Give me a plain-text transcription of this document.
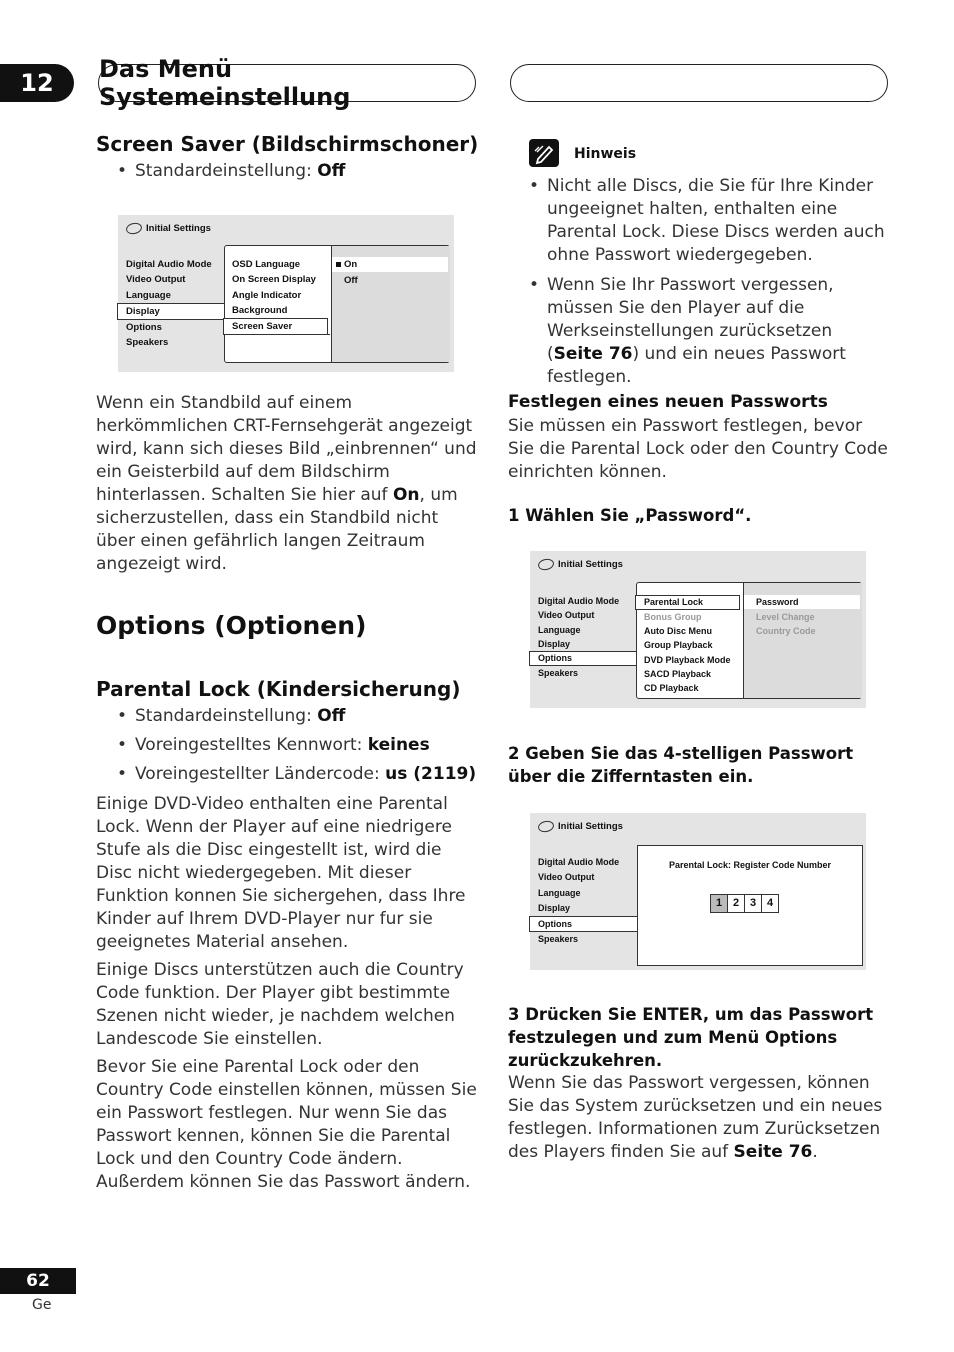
12	Das Menü Systemeinstellung
Screen Saver (Bildschirmschoner)
• Standardeinstellung: Off
Initial Settings
Digital Audio Mode
Video Output
Language
Display
Options
Speakers
OSD Language
On Screen Display
Angle Indicator
Background
Screen Saver
On
Off

Wenn ein Standbild auf einem herkömmlichen CRT-Fernsehgerät angezeigt wird, kann sich dieses Bild „einbrennen“ und ein Geisterbild auf dem Bildschirm hinterlassen. Schalten Sie hier auf On, um sicherzustellen, dass ein Standbild nicht über einen gefährlich langen Zeitraum angezeigt wird.

Options (Optionen)
Parental Lock (Kindersicherung)
• Standardeinstellung: Off
• Voreingestelltes Kennwort: keines
• Voreingestellter Ländercode: us (2119)

Einige DVD-Video enthalten eine Parental Lock. Wenn der Player auf eine niedrigere Stufe als die Disc eingestellt ist, wird die Disc nicht wiedergegeben. Mit dieser Funktion konnen Sie sichergehen, dass Ihre Kinder auf Ihrem DVD-Player nur fur sie geeignetes Material ansehen.

Einige Discs unterstützen auch die Country Code funktion. Der Player gibt bestimmte Szenen nicht wieder, je nachdem welchen Landescode Sie einstellen.

Bevor Sie eine Parental Lock oder den Country Code einstellen können, müssen Sie ein Passwort festlegen. Nur wenn Sie das Passwort kennen, können Sie die Parental Lock und den Country Code ändern. Außerdem können Sie das Passwort ändern.

Hinweis
• Nicht alle Discs, die Sie für Ihre Kinder ungeeignet halten, enthalten eine Parental Lock. Diese Discs werden auch ohne Passwort wiedergegeben.
• Wenn Sie Ihr Passwort vergessen, müssen Sie den Player auf die Werkseinstellungen zurücksetzen (Seite 76) und ein neues Passwort festlegen.
Festlegen eines neuen Passworts

Sie müssen ein Passwort festlegen, bevor Sie die Parental Lock oder den Country Code einrichten können.

1 Wählen Sie „Password“.
Initial Settings
Digital Audio Mode
Video Output
Language
Display
Options
Speakers
Parental Lock
Bonus Group
Auto Disc Menu
Group Playback
DVD Playback Mode
SACD Playback
CD Playback
Password
Level Change
Country Code
2 Geben Sie das 4-stelligen Passwort über die Zifferntasten ein.
Initial Settings
Digital Audio Mode
Video Output
Language
Display
Options
Speakers
Parental Lock: Register Code Number
1 2 3 4
3 Drücken Sie ENTER, um das Passwort festzulegen und zum Menü Options zurückzukehren.

Wenn Sie das Passwort vergessen, können Sie das System zurücksetzen und ein neues festlegen. Informationen zum Zurücksetzen des Players finden Sie auf Seite 76.

62
Ge
